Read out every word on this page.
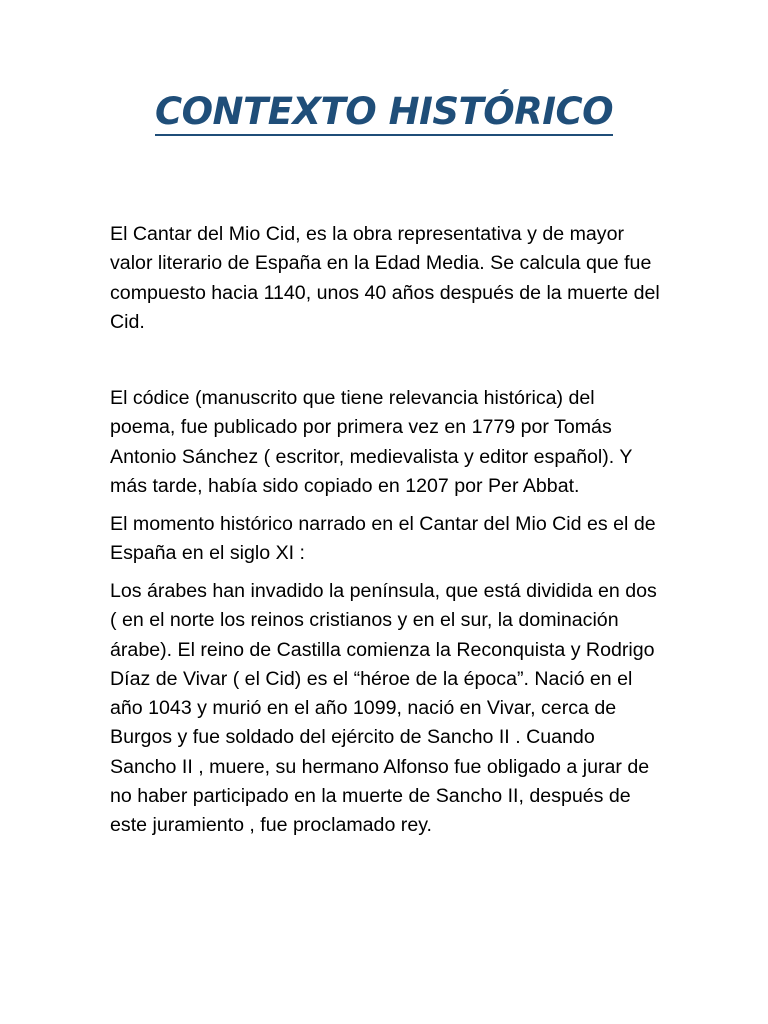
CONTEXTO HISTÓRICO

El Cantar del Mio Cid, es la obra representativa y de mayor valor literario de España en la Edad Media. Se calcula que fue compuesto hacia 1140, unos 40 años después de la muerte del Cid.

El códice (manuscrito que tiene relevancia histórica) del poema, fue publicado por primera vez en 1779 por Tomás Antonio Sánchez ( escritor, medievalista y editor español). Y más tarde, había sido copiado en 1207 por Per Abbat.

El momento histórico narrado en el Cantar del Mio Cid es el de España en el siglo XI :

Los árabes han invadido la península, que está dividida en dos ( en el norte los reinos cristianos y en el sur, la dominación árabe). El reino de Castilla comienza la Reconquista y Rodrigo Díaz de Vivar ( el Cid) es el “héroe de la época”. Nació en el año 1043 y murió en el año 1099, nació en Vivar, cerca de Burgos y fue soldado del ejército de Sancho II . Cuando Sancho II , muere, su hermano Alfonso fue obligado a jurar de no haber participado en la muerte de Sancho II, después de este juramiento , fue proclamado rey.
